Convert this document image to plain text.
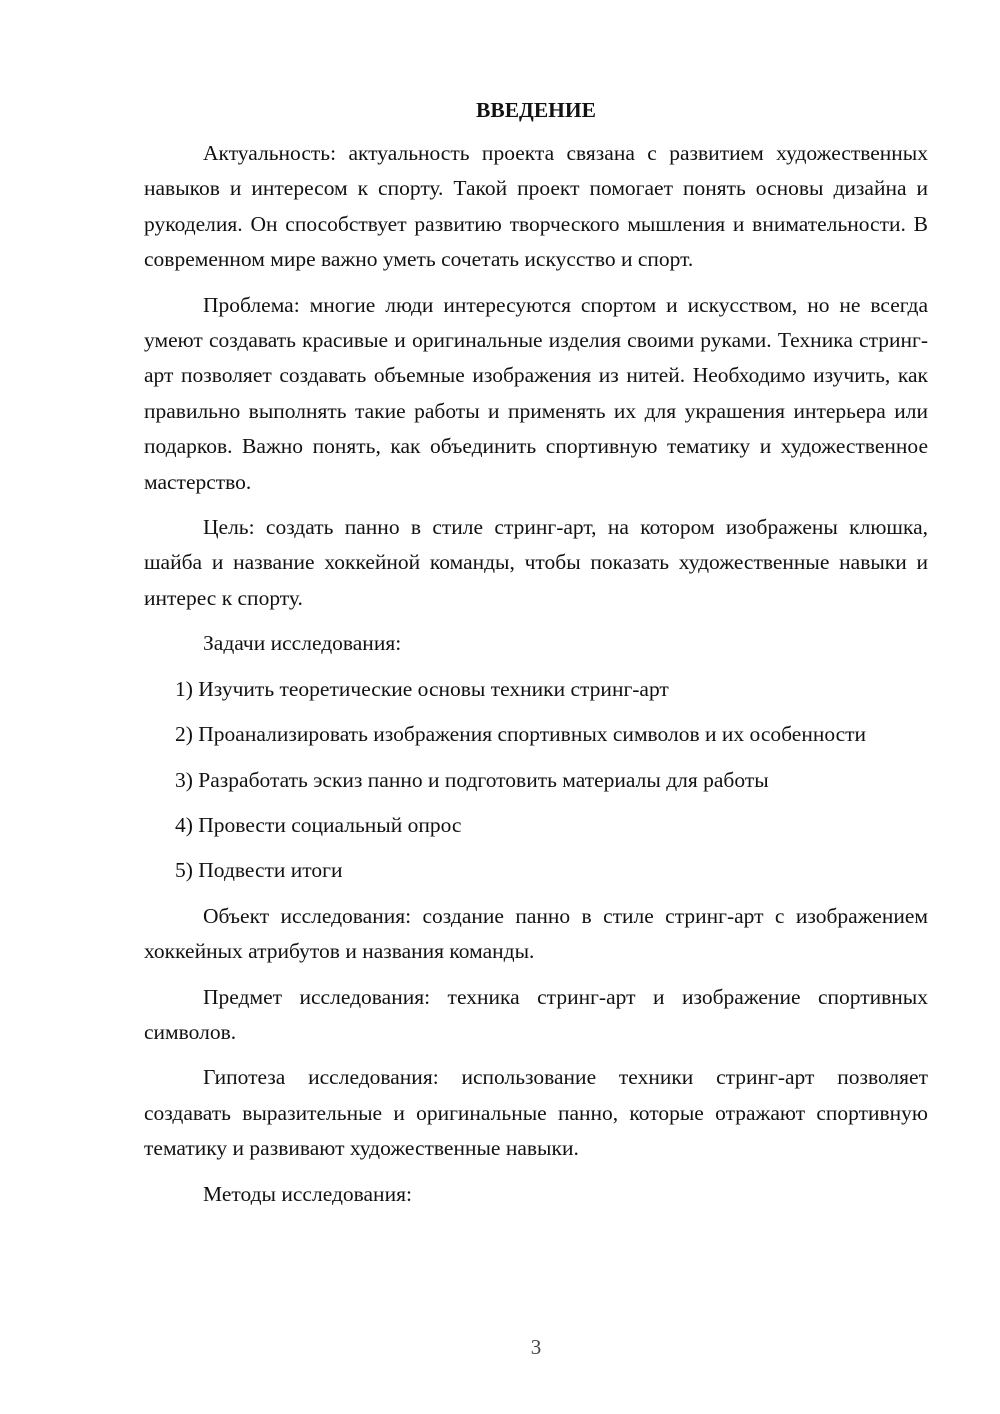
ВВЕДЕНИЕ

Актуальность: актуальность проекта связана с развитием художественных навыков и интересом к спорту. Такой проект помогает понять основы дизайна и рукоделия. Он способствует развитию творческого мышления и внимательности. В современном мире важно уметь сочетать искусство и спорт.

Проблема: многие люди интересуются спортом и искусством, но не всегда умеют создавать красивые и оригинальные изделия своими руками. Техника стринг-арт позволяет создавать объемные изображения из нитей. Необходимо изучить, как правильно выполнять такие работы и применять их для украшения интерьера или подарков. Важно понять, как объединить спортивную тематику и художественное мастерство.

Цель: создать панно в стиле стринг-арт, на котором изображены клюшка, шайба и название хоккейной команды, чтобы показать художественные навыки и интерес к спорту.

Задачи исследования:

1) Изучить теоретические основы техники стринг-арт

2) Проанализировать изображения спортивных символов и их особенности

3) Разработать эскиз панно и подготовить материалы для работы

4) Провести социальный опрос

5) Подвести итоги

Объект исследования: создание панно в стиле стринг-арт с изображением хоккейных атрибутов и названия команды.

Предмет исследования: техника стринг-арт и изображение спортивных символов.

Гипотеза исследования: использование техники стринг-арт позволяет создавать выразительные и оригинальные панно, которые отражают спортивную тематику и развивают художественные навыки.

Методы исследования:

3
